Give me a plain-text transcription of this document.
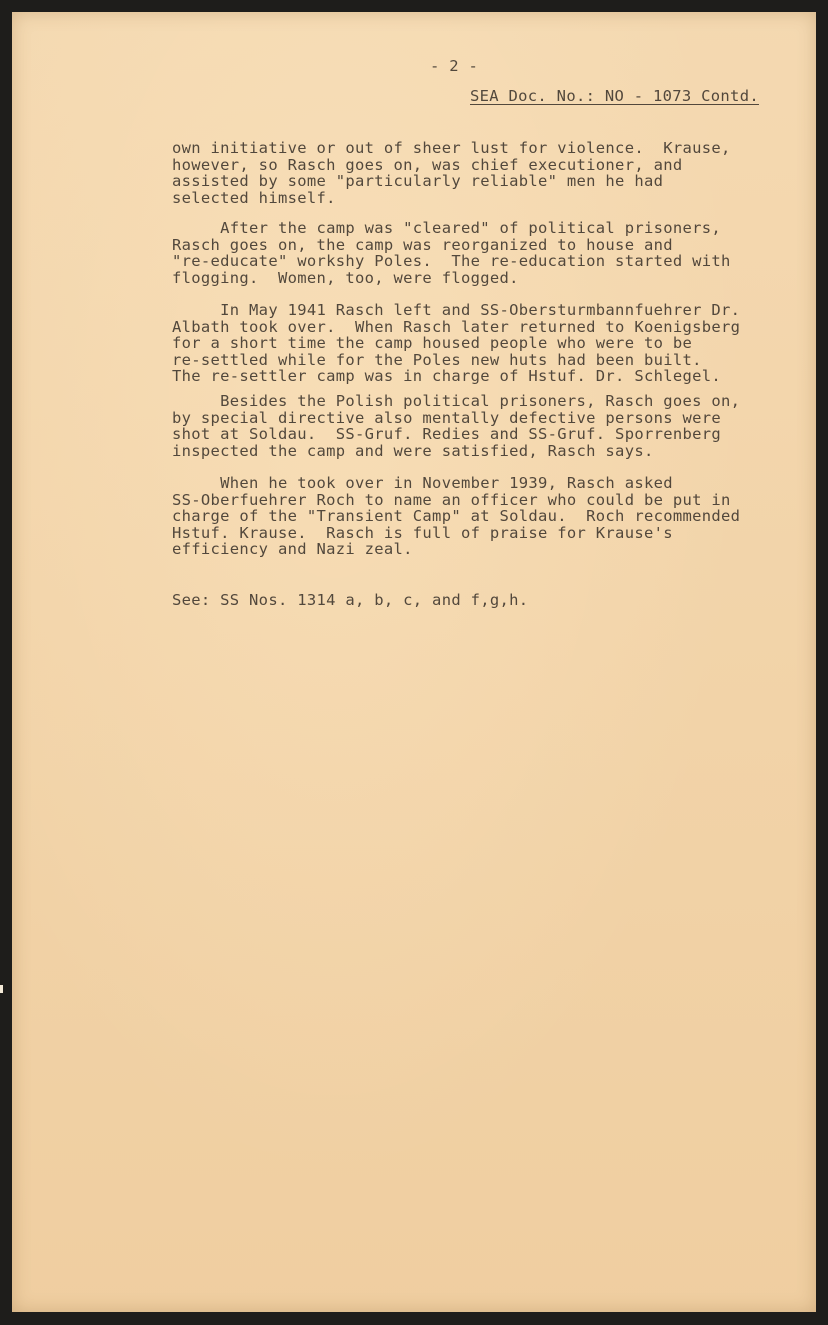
- 2 -
SEA Doc. No.: NO - 1073 Contd.
own initiative or out of sheer lust for violence.  Krause,
however, so Rasch goes on, was chief executioner, and
assisted by some "particularly reliable" men he had
selected himself.
After the camp was "cleared" of political prisoners,
Rasch goes on, the camp was reorganized to house and
"re-educate" workshy Poles.  The re-education started with
flogging.  Women, too, were flogged.
In May 1941 Rasch left and SS-Obersturmbannfuehrer Dr.
Albath took over.  When Rasch later returned to Koenigsberg
for a short time the camp housed people who were to be
re-settled while for the Poles new huts had been built.
The re-settler camp was in charge of Hstuf. Dr. Schlegel.
Besides the Polish political prisoners, Rasch goes on,
by special directive also mentally defective persons were
shot at Soldau.  SS-Gruf. Redies and SS-Gruf. Sporrenberg
inspected the camp and were satisfied, Rasch says.
When he took over in November 1939, Rasch asked
SS-Oberfuehrer Roch to name an officer who could be put in
charge of the "Transient Camp" at Soldau.  Roch recommended
Hstuf. Krause.  Rasch is full of praise for Krause's
efficiency and Nazi zeal.
See: SS Nos. 1314 a, b, c, and f,g,h.
